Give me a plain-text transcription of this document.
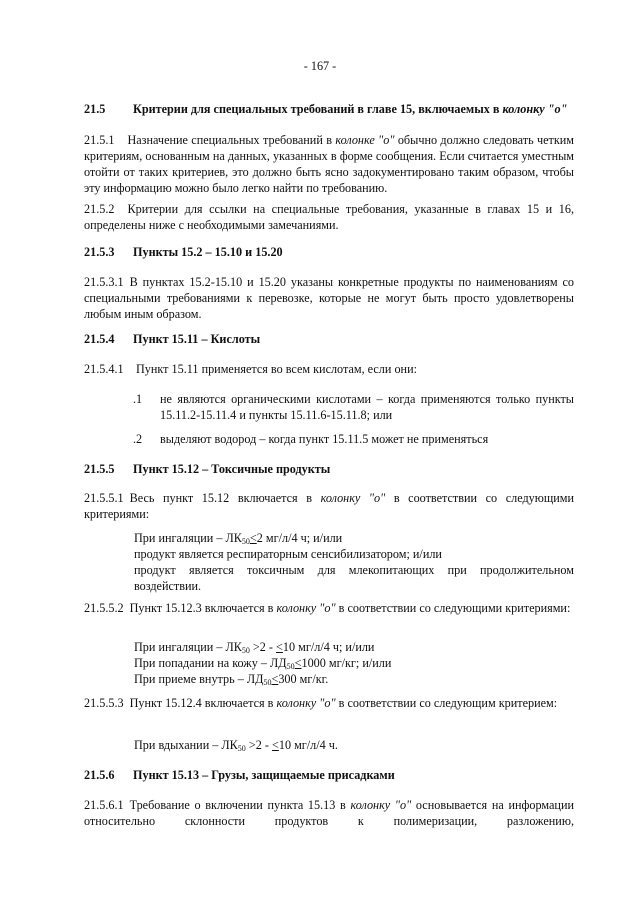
- 167 -
21.5 Критерии для специальных требований в главе 15, включаемых в колонку "о"
21.5.1 Назначение специальных требований в колонке "о" обычно должно следовать четким критериям, основанным на данных, указанных в форме сообщения. Если считается уместным отойти от таких критериев, это должно быть ясно задокументировано таким образом, чтобы эту информацию можно было легко найти по требованию.
21.5.2 Критерии для ссылки на специальные требования, указанные в главах 15 и 16, определены ниже с необходимыми замечаниями.
21.5.3 Пункты 15.2 – 15.10 и 15.20
21.5.3.1 В пунктах 15.2-15.10 и 15.20 указаны конкретные продукты по наименованиям со специальными требованиями к перевозке, которые не могут быть просто удовлетворены любым иным образом.
21.5.4 Пункт 15.11 – Кислоты
21.5.4.1 Пункт 15.11 применяется во всем кислотам, если они:
.1 не являются органическими кислотами – когда применяются только пункты 15.11.2-15.11.4 и пункты 15.11.6-15.11.8; или
.2 выделяют водород – когда пункт 15.11.5 может не применяться
21.5.5 Пункт 15.12 – Токсичные продукты
21.5.5.1 Весь пункт 15.12 включается в колонку "о" в соответствии со следующими критериями:
При ингаляции – $ЛК_{50}<2$ мг/л/4 ч; и/или
продукт является респираторным сенсибилизатором; и/или
продукт является токсичным для млекопитающих при продолжительном воздействии.
21.5.5.2 Пункт 15.12.3 включается в колонку "о" в соответствии со следующими критериями:
При ингаляции – $ЛК_{50} >2 - <10$ мг/л/4 ч; и/или
При попадании на кожу – $ЛД_{50}<1000$ мг/кг; и/или
При приеме внутрь – $ЛД_{50}<300$ мг/кг.
21.5.5.3 Пункт 15.12.4 включается в колонку "о" в соответствии со следующим критерием:
При вдыхании – $ЛК_{50} >2 - <10$ мг/л/4 ч.
21.5.6 Пункт 15.13 – Грузы, защищаемые присадками
21.5.6.1 Требование о включении пункта 15.13 в колонку "о" основывается на информации относительно склонности продуктов к полимеризации, разложению,
